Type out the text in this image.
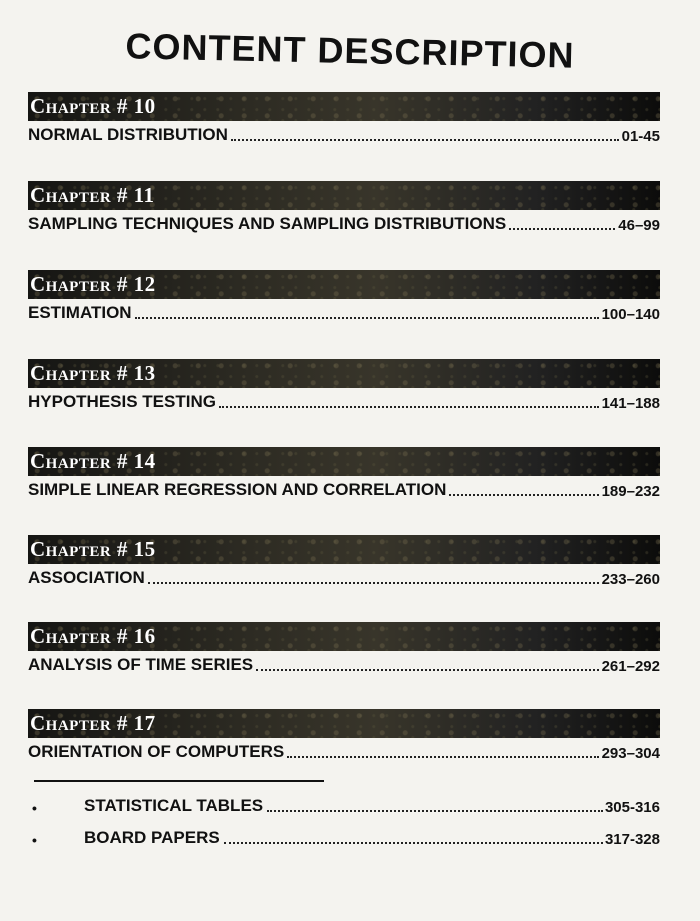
CONTENT DESCRIPTION
Chapter # 10
NORMAL DISTRIBUTION	01-45
Chapter # 11
SAMPLING TECHNIQUES AND SAMPLING DISTRIBUTIONS	46–99
Chapter # 12
ESTIMATION	100–140
Chapter # 13
HYPOTHESIS TESTING	141–188
Chapter # 14
SIMPLE LINEAR REGRESSION AND CORRELATION	189–232
Chapter # 15
ASSOCIATION	233–260
Chapter # 16
ANALYSIS OF TIME SERIES	261–292
Chapter # 17
ORIENTATION OF COMPUTERS	293–304
•	STATISTICAL TABLES	305-316
•	BOARD PAPERS	317-328
